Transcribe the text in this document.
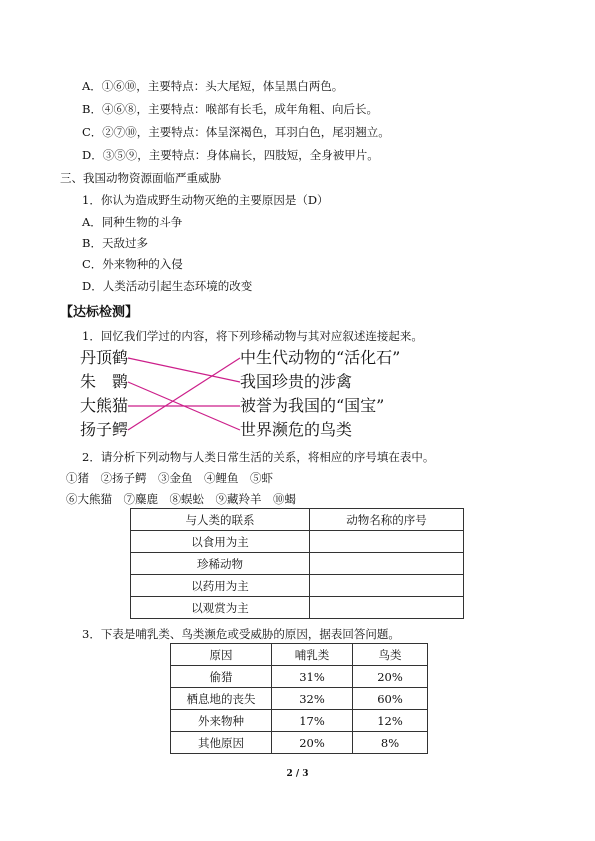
A．①⑥⑩，主要特点：头大尾短，体呈黑白两色。
B．④⑥⑧，主要特点：喉部有长毛，成年角粗、向后长。
C．②⑦⑩，主要特点：体呈深褐色，耳羽白色，尾羽翘立。
D．③⑤⑨，主要特点：身体扁长，四肢短，全身被甲片。
三、我国动物资源面临严重威胁
1．你认为造成野生动物灭绝的主要原因是（D）
A．同种生物的斗争
B．天敌过多
C．外来物种的入侵
D．人类活动引起生态环境的改变
【达标检测】
1．回忆我们学过的内容，将下列珍稀动物与其对应叙述连接起来。
丹顶鹤
朱　鹮
大熊猫
扬子鳄
中生代动物的“活化石”
我国珍贵的涉禽
被誉为我国的“国宝”
世界濒危的鸟类
2．请分析下列动物与人类日常生活的关系，将相应的序号填在表中。
①猪　②扬子鳄　③金鱼　④鲤鱼　⑤虾
⑥大熊猫　⑦麋鹿　⑧蜈蚣　⑨藏羚羊　⑩蝎
与人类的联系	动物名称的序号
以食用为主	
珍稀动物	
以药用为主	
以观赏为主	
3．下表是哺乳类、鸟类濒危或受威胁的原因，据表回答问题。
原因	哺乳类	鸟类
偷猎	31%	20%
栖息地的丧失	32%	60%
外来物种	17%	12%
其他原因	20%	8%
2 / 3
